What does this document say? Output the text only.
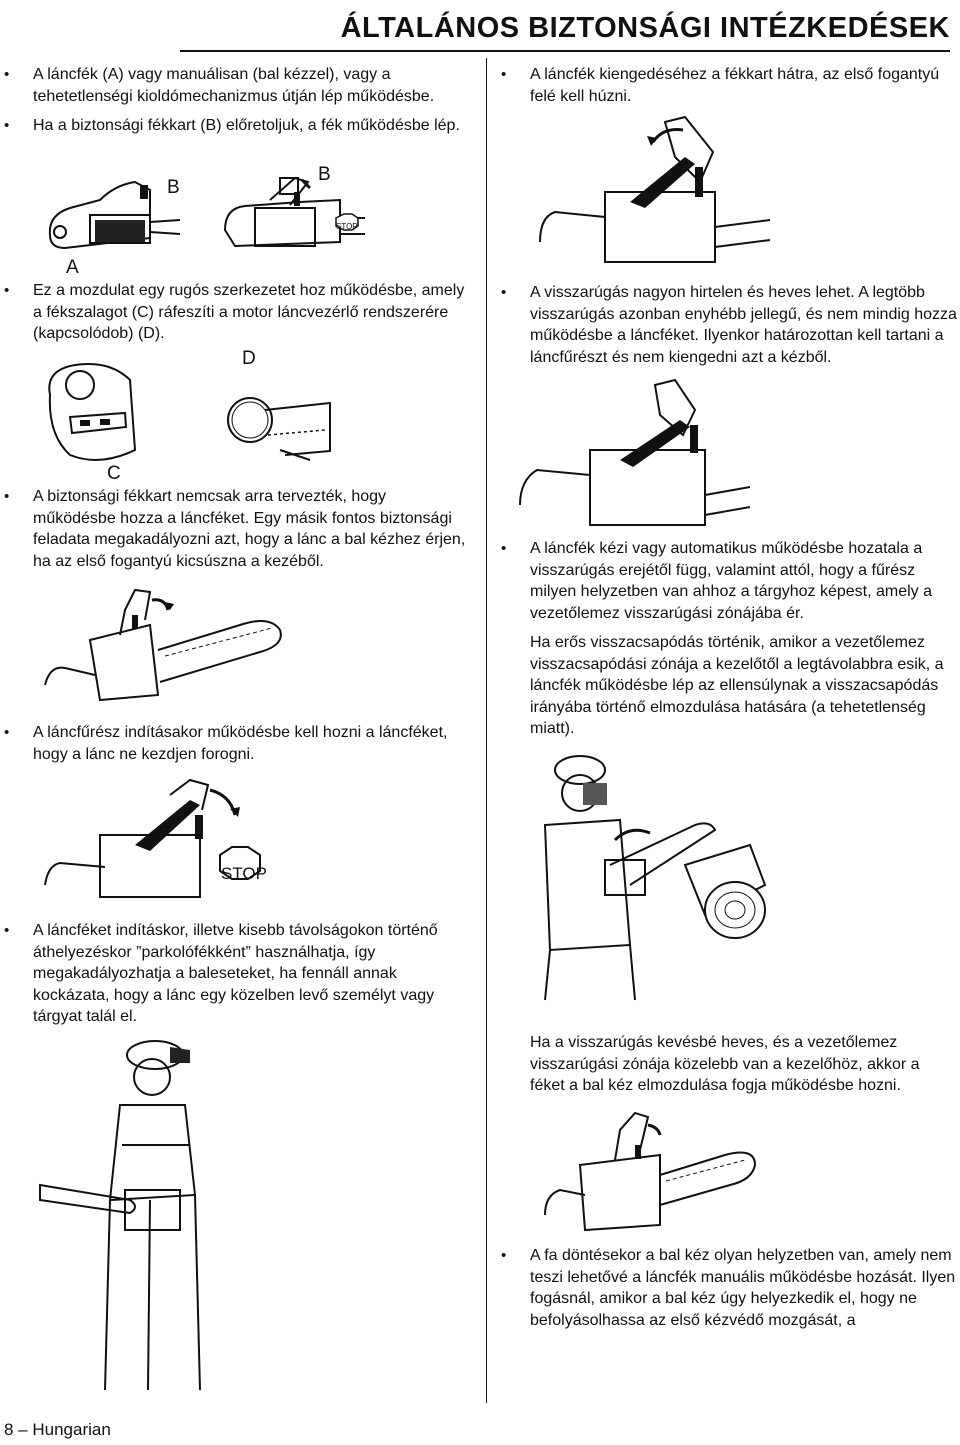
ÁLTALÁNOS BIZTONSÁGI INTÉZKEDÉSEK

• A láncfék (A) vagy manuálisan (bal kézzel), vagy a tehetetlenségi kioldómechanizmus útján lép működésbe.

• Ha a biztonsági fékkart (B) előretoljuk, a fék működésbe lép.

A
B
B
STOP

• Ez a mozdulat egy rugós szerkezetet hoz működésbe, amely a fékszalagot (C) ráfeszíti a motor láncvezérlő rendszerére (kapcsolódob) (D).

C
D

• A biztonsági fékkart nemcsak arra tervezték, hogy működésbe hozza a láncféket. Egy másik fontos biztonsági feladata megakadályozni azt, hogy a lánc a bal kézhez érjen, ha az első fogantyú kicsúszna a kezéből.

• A láncfűrész indításakor működésbe kell hozni a láncféket, hogy a lánc ne kezdjen forogni.

STOP

• A láncféket indításkor, illetve kisebb távolságokon történő áthelyezéskor ”parkolófékként” használhatja, így megakadályozhatja a baleseteket, ha fennáll annak kockázata, hogy a lánc egy közelben levő személyt vagy tárgyat talál el.

• A láncfék kiengedéséhez a fékkart hátra, az első fogantyú felé kell húzni.

• A visszarúgás nagyon hirtelen és heves lehet. A legtöbb visszarúgás azonban enyhébb jellegű, és nem mindig hozza működésbe a láncféket. Ilyenkor határozottan kell tartani a láncfűrészt és nem kiengedni azt a kézből.

• A láncfék kézi vagy automatikus működésbe hozatala a visszarúgás erejétől függ, valamint attól, hogy a fűrész milyen helyzetben van ahhoz a tárgyhoz képest, amely a vezetőlemez visszarúgási zónájába ér.

Ha erős visszacsapódás történik, amikor a vezetőlemez visszacsapódási zónája a kezelőtől a legtávolabbra esik, a láncfék működésbe lép az ellensúlynak a visszacsapódás irányába történő elmozdulása hatására (a tehetetlenség miatt).

Ha a visszarúgás kevésbé heves, és a vezetőlemez visszarúgási zónája közelebb van a kezelőhöz, akkor a féket a bal kéz elmozdulása fogja működésbe hozni.

• A fa döntésekor a bal kéz olyan helyzetben van, amely nem teszi lehetővé a láncfék manuális működésbe hozását. Ilyen fogásnál, amikor a bal kéz úgy helyezkedik el, hogy ne befolyásolhassa az első kézvédő mozgását, a

8 – Hungarian
